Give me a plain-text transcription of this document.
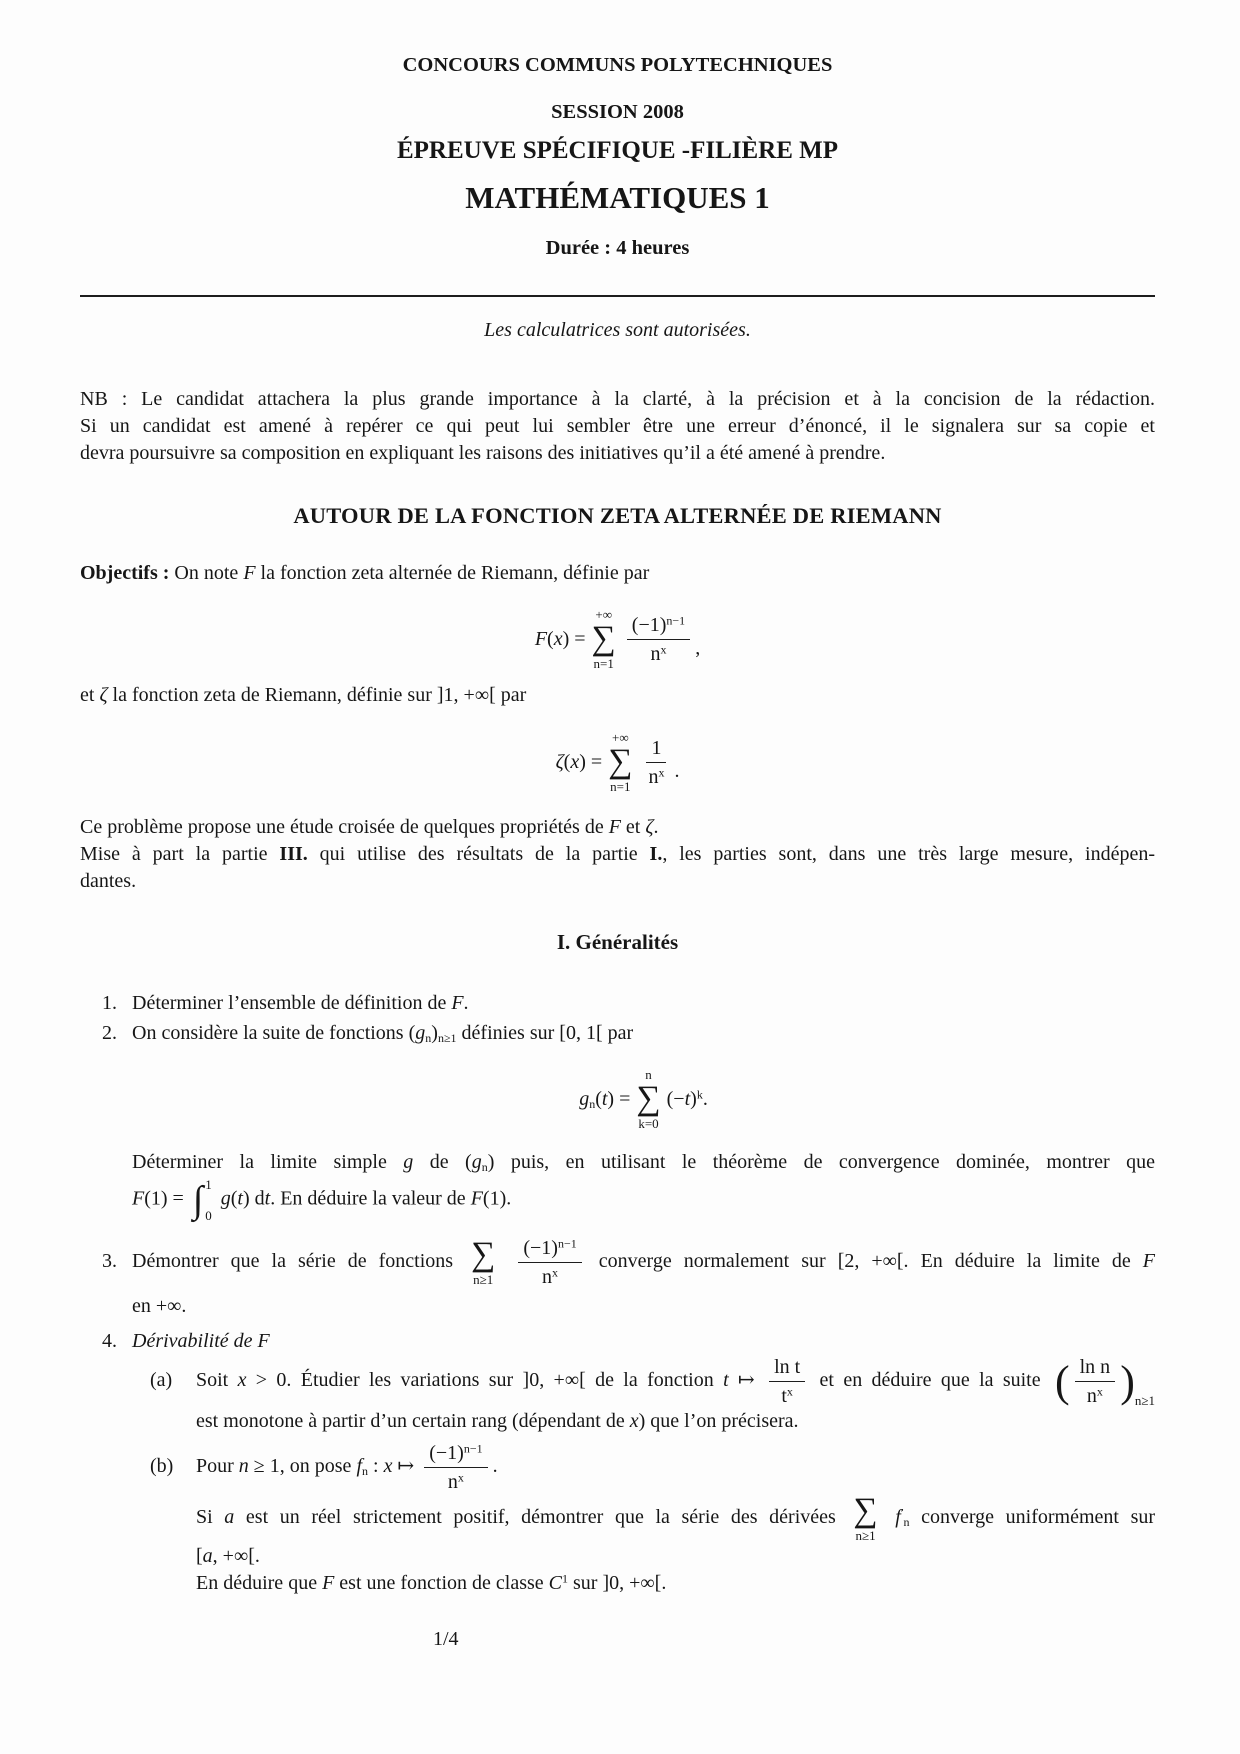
CONCOURS COMMUNS POLYTECHNIQUES
SESSION 2008
ÉPREUVE SPÉCIFIQUE -FILIÈRE MP
MATHÉMATIQUES 1
Durée : 4 heures
Les calculatrices sont autorisées.
NB : Le candidat attachera la plus grande importance à la clarté, à la précision et à la concision de la rédaction.
Si un candidat est amené à repérer ce qui peut lui sembler être une erreur d’énoncé, il le signalera sur sa copie et
devra poursuivre sa composition en expliquant les raisons des initiatives qu’il a été amené à prendre.
AUTOUR DE LA FONCTION ZETA ALTERNÉE DE RIEMANN
Objectifs : On note F la fonction zeta alternée de Riemann, définie par
F(x) =
+∞
∑
$n=1 \frac{(-1)^{n-1}}{n^x}$ ,
et ζ la fonction zeta de Riemann, définie sur ]1, +∞[ par
ζ(x) =
+∞
∑
$n=1 \frac{1}{n^x}$ .
Ce problème propose une étude croisée de quelques propriétés de F et ζ.
Mise à part la partie III. qui utilise des résultats de la partie I., les parties sont, dans une très large mesure, indépen-
dantes.
I. Généralités
1. Déterminer l’ensemble de définition de F.
2. On considère la suite de fonctions $(g_n)_{n\ge 1}$ définies sur [0, 1[ par
$g_n(t)$ =
n
∑
k=0
$(-t)^k$.
Déterminer la limite simple g de $(g_n)$ puis, en utilisant le théorème de convergence dominée, montrer que
F(1) = ∫ 1
0
g(t) dt. En déduire la valeur de F(1).
3. Démontrer que la série de fonctions ∑
n≥1
$\frac{(-1)^{n-1}}{n^x}$ converge normalement sur [2, +∞[. En déduire la limite de F
en +∞.
4. Dérivabilité de F
(a)	Soit x > 0. Étudier les variations sur ]0, +∞[ de la fonction t ↦ $\frac{\text{ln t}}{t^x}$ et en déduire que la suite ( $\frac{\text{ln n}}{n^x}$ ) n≥1
est monotone à partir d’un certain rang (dépendant de x) que l’on précisera.
(b)	Pour n ≥ 1, on pose $f_n$ : x ↦ $\frac{(-1)^{n-1}}{n^x}$ .
Si a est un réel strictement positif, démontrer que la série des dérivées ∑
n≥1
$f'_n$ converge uniformément sur
[a, +∞[.
En déduire que F est une fonction de classe $C^1$ sur ]0, +∞[.
1/4
